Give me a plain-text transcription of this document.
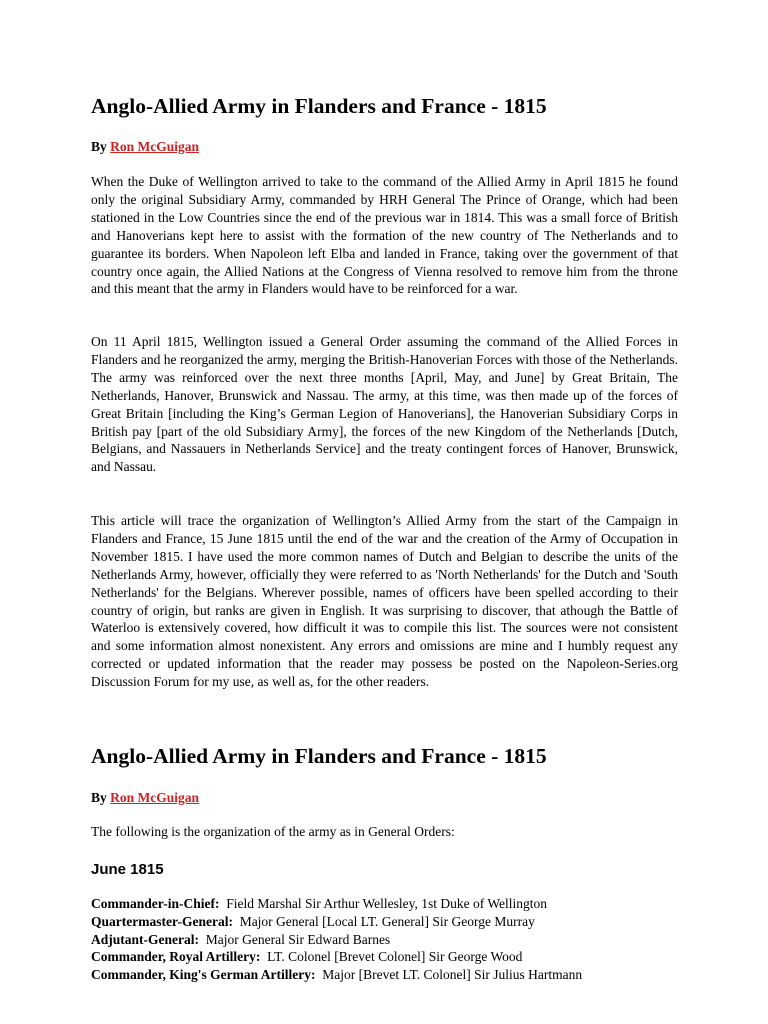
Anglo-Allied Army in Flanders and France - 1815

By Ron McGuigan

When the Duke of Wellington arrived to take to the command of the Allied Army in April 1815 he found only the original Subsidiary Army, commanded by HRH General The Prince of Orange, which had been stationed in the Low Countries since the end of the previous war in 1814. This was a small force of British and Hanoverians kept here to assist with the formation of the new country of The Netherlands and to guarantee its borders. When Napoleon left Elba and landed in France, taking over the government of that country once again, the Allied Nations at the Congress of Vienna resolved to remove him from the throne and this meant that the army in Flanders would have to be reinforced for a war.

On 11 April 1815, Wellington issued a General Order assuming the command of the Allied Forces in Flanders and he reorganized the army, merging the British-Hanoverian Forces with those of the Netherlands. The army was reinforced over the next three months [April, May, and June] by Great Britain, The Netherlands, Hanover, Brunswick and Nassau. The army, at this time, was then made up of the forces of Great Britain [including the King’s German Legion of Hanoverians], the Hanoverian Subsidiary Corps in British pay [part of the old Subsidiary Army], the forces of the new Kingdom of the Netherlands [Dutch, Belgians, and Nassauers in Netherlands Service] and the treaty contingent forces of Hanover, Brunswick, and Nassau.

This article will trace the organization of Wellington’s Allied Army from the start of the Campaign in Flanders and France, 15 June 1815 until the end of the war and the creation of the Army of Occupation in November 1815. I have used the more common names of Dutch and Belgian to describe the units of the Netherlands Army, however, officially they were referred to as 'North Netherlands' for the Dutch and 'South Netherlands' for the Belgians. Wherever possible, names of officers have been spelled according to their country of origin, but ranks are given in English. It was surprising to discover, that athough the Battle of Waterloo is extensively covered, how difficult it was to compile this list. The sources were not consistent and some information almost nonexistent. Any errors and omissions are mine and I humbly request any corrected or updated information that the reader may possess be posted on the Napoleon-Series.org Discussion Forum for my use, as well as, for the other readers.

Anglo-Allied Army in Flanders and France - 1815

By Ron McGuigan

The following is the organization of the army as in General Orders:

June 1815

Commander-in-Chief: Field Marshal Sir Arthur Wellesley, 1st Duke of Wellington
Quartermaster-General: Major General [Local LT. General] Sir George Murray
Adjutant-General: Major General Sir Edward Barnes
Commander, Royal Artillery: LT. Colonel [Brevet Colonel] Sir George Wood
Commander, King's German Artillery: Major [Brevet LT. Colonel] Sir Julius Hartmann
